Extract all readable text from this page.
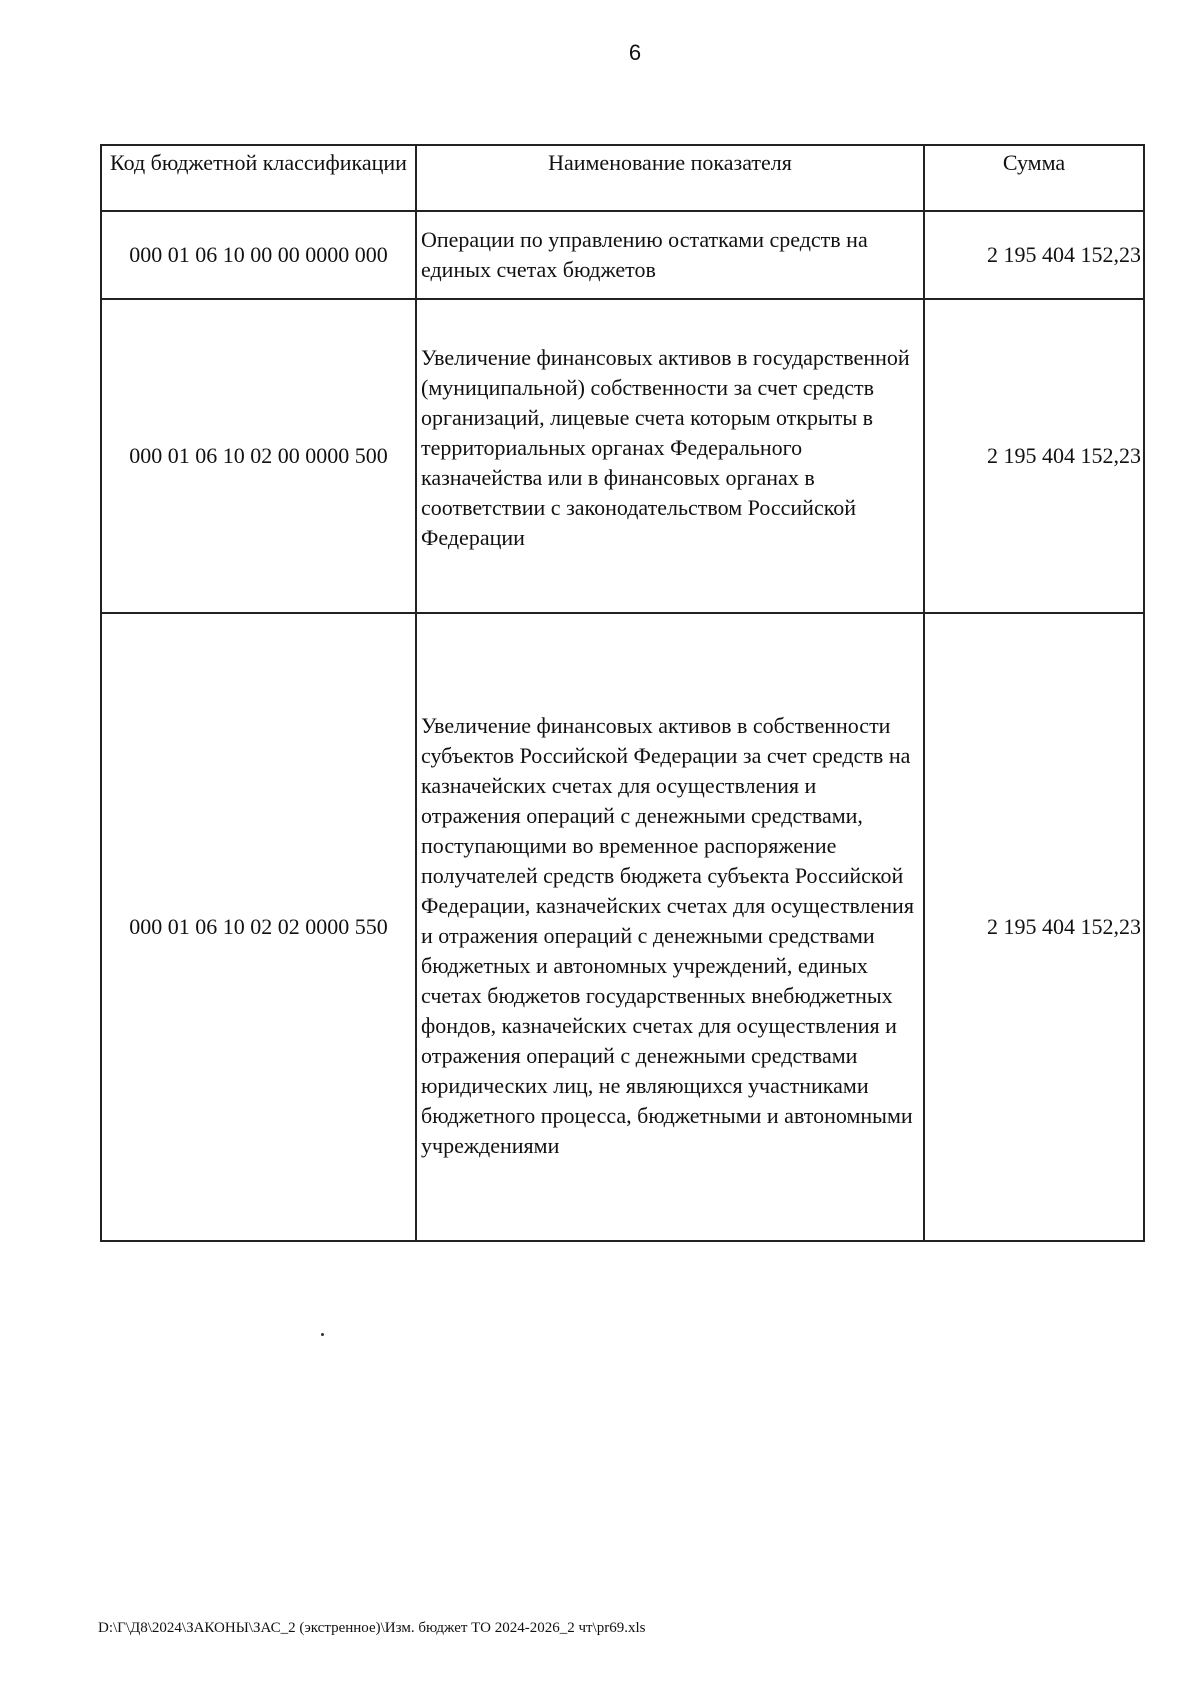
6
Код бюджетной классификации	Наименование показателя	Сумма
000 01 06 10 00 00 0000 000	Операции по управлению остатками средств на единых счетах бюджетов	2 195 404 152,23
000 01 06 10 02 00 0000 500	Увеличение финансовых активов в государственной (муниципальной) собственности за счет средств организаций, лицевые счета которым открыты в территориальных органах Федерального казначейства или в финансовых органах в соответствии с законодательством Российской Федерации	2 195 404 152,23
000 01 06 10 02 02 0000 550	Увеличение финансовых активов в собственности субъектов Российской Федерации за счет средств на казначейских счетах для осуществления и отражения операций с денежными средствами, поступающими во временное распоряжение получателей средств бюджета субъекта Российской Федерации, казначейских счетах для осуществления и отражения операций с денежными средствами бюджетных и автономных учреждений, единых счетах бюджетов государственных внебюджетных фондов, казначейских счетах для осуществления и отражения операций с денежными средствами юридических лиц, не являющихся участниками бюджетного процесса, бюджетными и автономными учреждениями	2 195 404 152,23
D:\Г\Д8\2024\ЗАКОНЫ\ЗАС_2 (экстренное)\Изм. бюджет ТО 2024-2026_2 чт\pr69.xls
